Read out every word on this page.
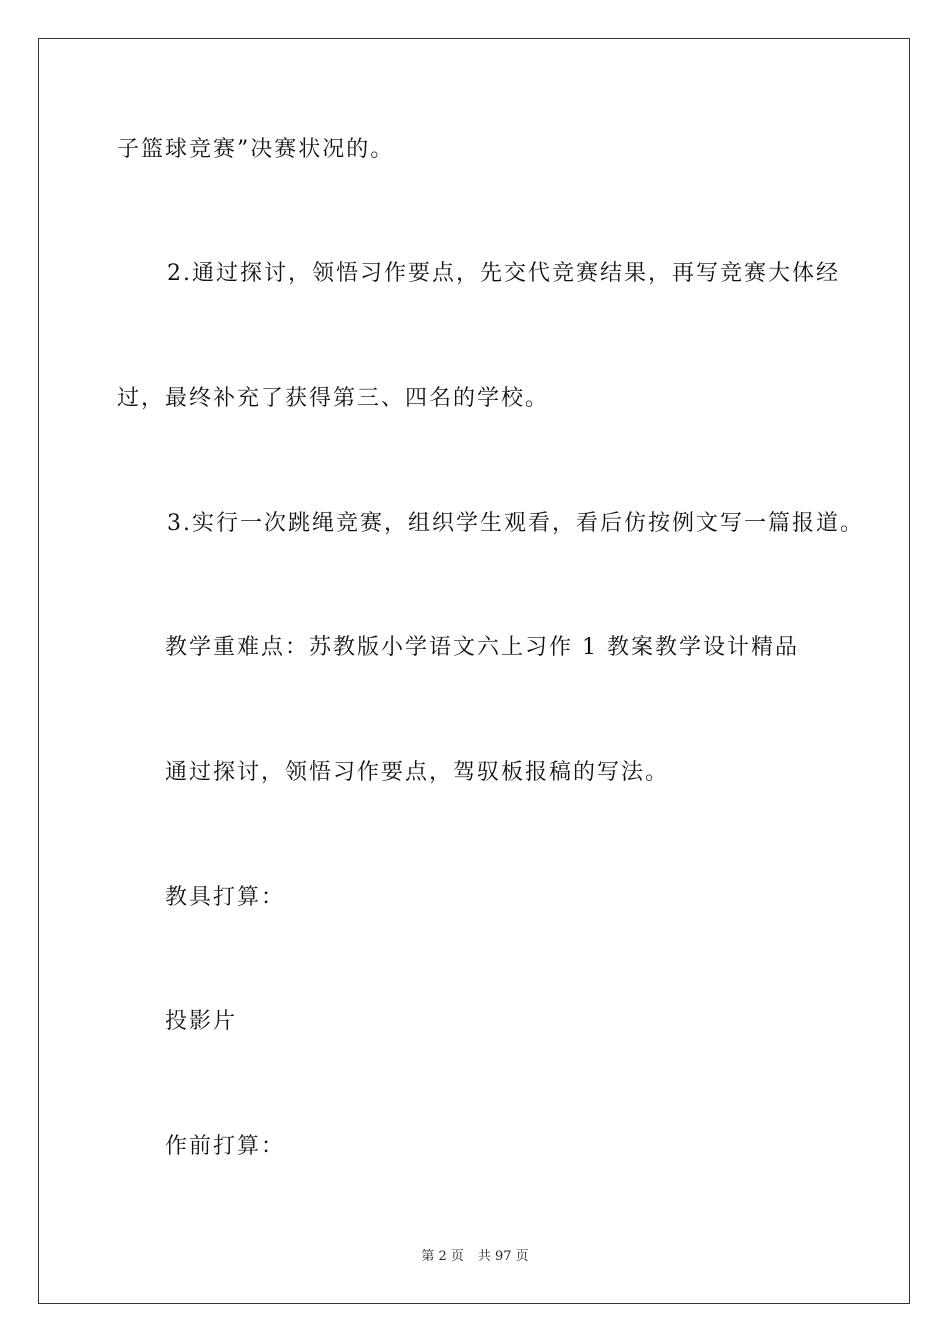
子篮球竞赛”决赛状况的。
2.通过探讨，领悟习作要点，先交代竞赛结果，再写竞赛大体经
过，最终补充了获得第三、四名的学校。
3.实行一次跳绳竞赛，组织学生观看，看后仿按例文写一篇报道。
教学重难点：苏教版小学语文六上习作 1 教案教学设计精品
通过探讨，领悟习作要点，驾驭板报稿的写法。
教具打算：
投影片
作前打算：
第 2 页 共 97 页
